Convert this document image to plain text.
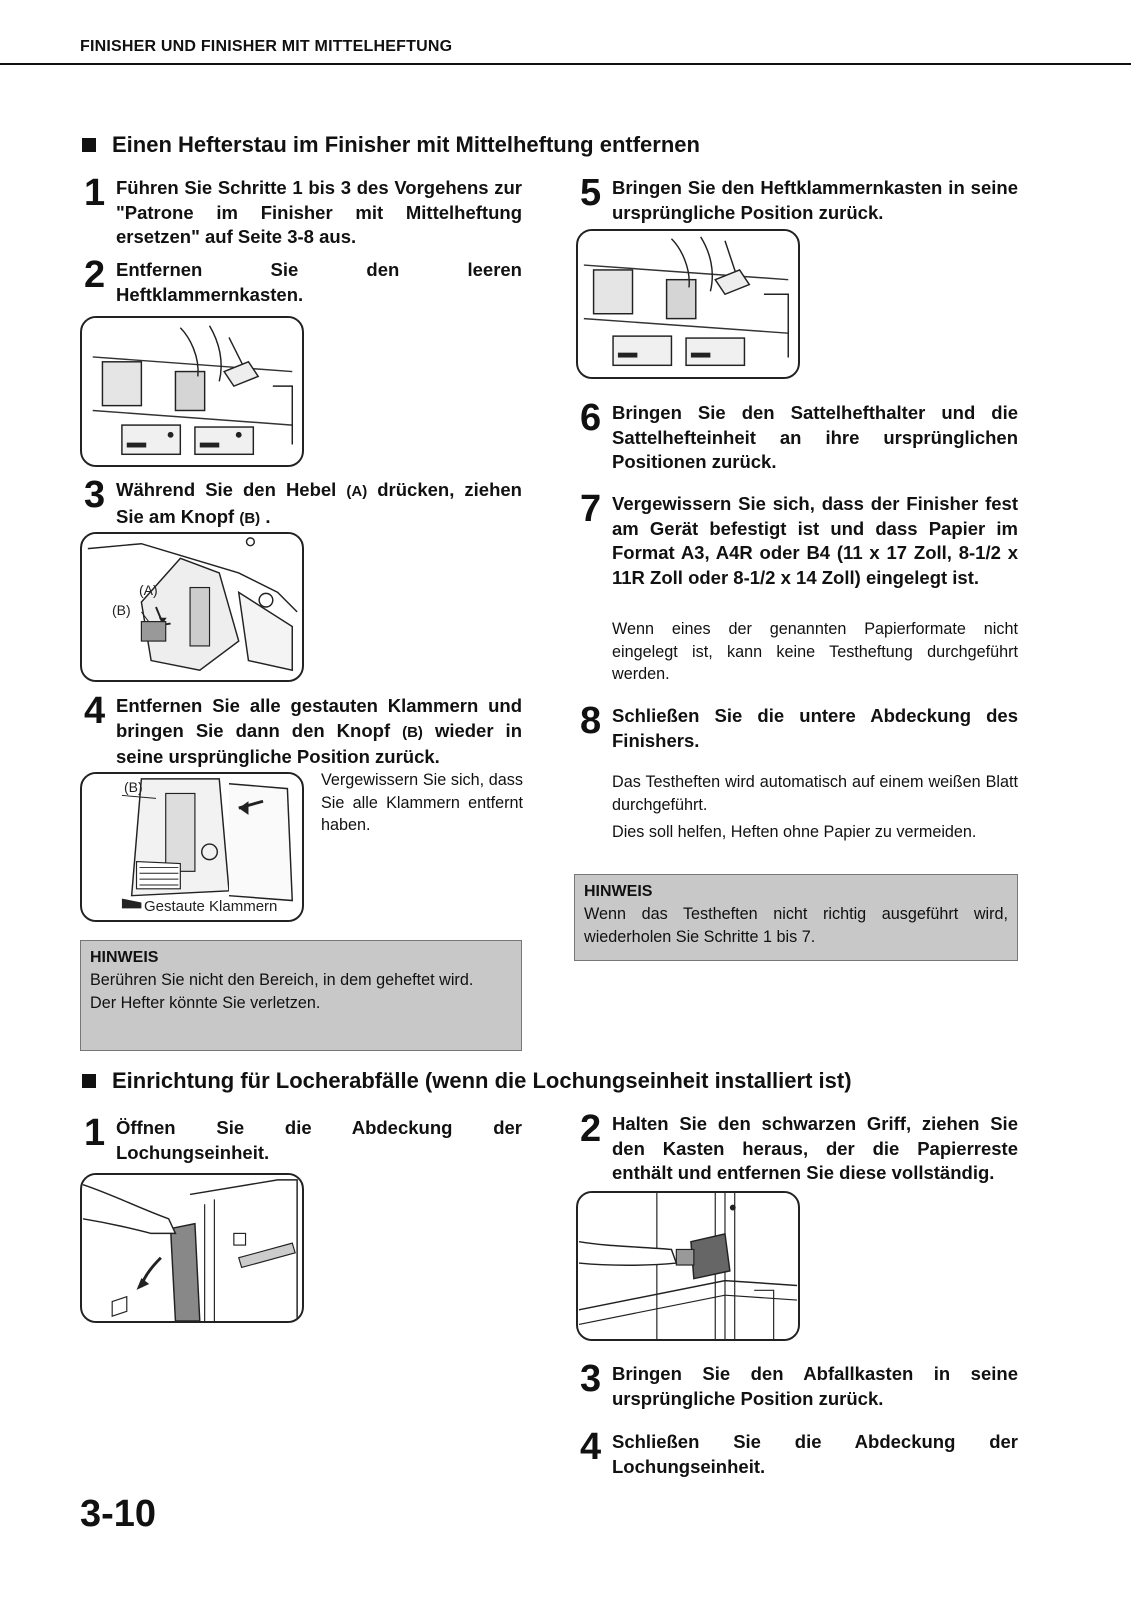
FINISHER UND FINISHER MIT MITTELHEFTUNG
Einen Hefterstau im Finisher mit Mittelheftung entfernen
1 Führen Sie Schritte 1 bis 3 des Vorgehens zur "Patrone im Finisher mit Mittelheftung ersetzen" auf Seite 3-8 aus.
2 Entfernen Sie den leeren Heftklammernkasten.
3 Während Sie den Hebel (A) drücken, ziehen Sie am Knopf (B) .
(A)
(B)
4 Entfernen Sie alle gestauten Klammern und bringen Sie dann den Knopf (B) wieder in seine ursprüngliche Position zurück.
(B)
Gestaute Klammern
Vergewissern Sie sich, dass Sie alle Klammern entfernt haben.
HINWEIS
Berühren Sie nicht den Bereich, in dem geheftet wird.
Der Hefter könnte Sie verletzen.
5 Bringen Sie den Heftklammernkasten in seine ursprüngliche Position zurück.
6 Bringen Sie den Sattelhefthalter und die Sattelhefteinheit an ihre ursprünglichen Positionen zurück.
7 Vergewissern Sie sich, dass der Finisher fest am Gerät befestigt ist und dass Papier im Format A3, A4R oder B4 (11 x 17 Zoll, 8-1/2 x 11R Zoll oder 8-1/2 x 14 Zoll) eingelegt ist.
Wenn eines der genannten Papierformate nicht eingelegt ist, kann keine Testheftung durchgeführt werden.
8 Schließen Sie die untere Abdeckung des Finishers.
Das Testheften wird automatisch auf einem weißen Blatt durchgeführt.
Dies soll helfen, Heften ohne Papier zu vermeiden.
HINWEIS
Wenn das Testheften nicht richtig ausgeführt wird, wiederholen Sie Schritte 1 bis 7.
Einrichtung für Locherabfälle (wenn die Lochungseinheit installiert ist)
1 Öffnen Sie die Abdeckung der Lochungseinheit.
2 Halten Sie den schwarzen Griff, ziehen Sie den Kasten heraus, der die Papierreste enthält und entfernen Sie diese vollständig.
3 Bringen Sie den Abfallkasten in seine ursprüngliche Position zurück.
4 Schließen Sie die Abdeckung der Lochungseinheit.
3-10
